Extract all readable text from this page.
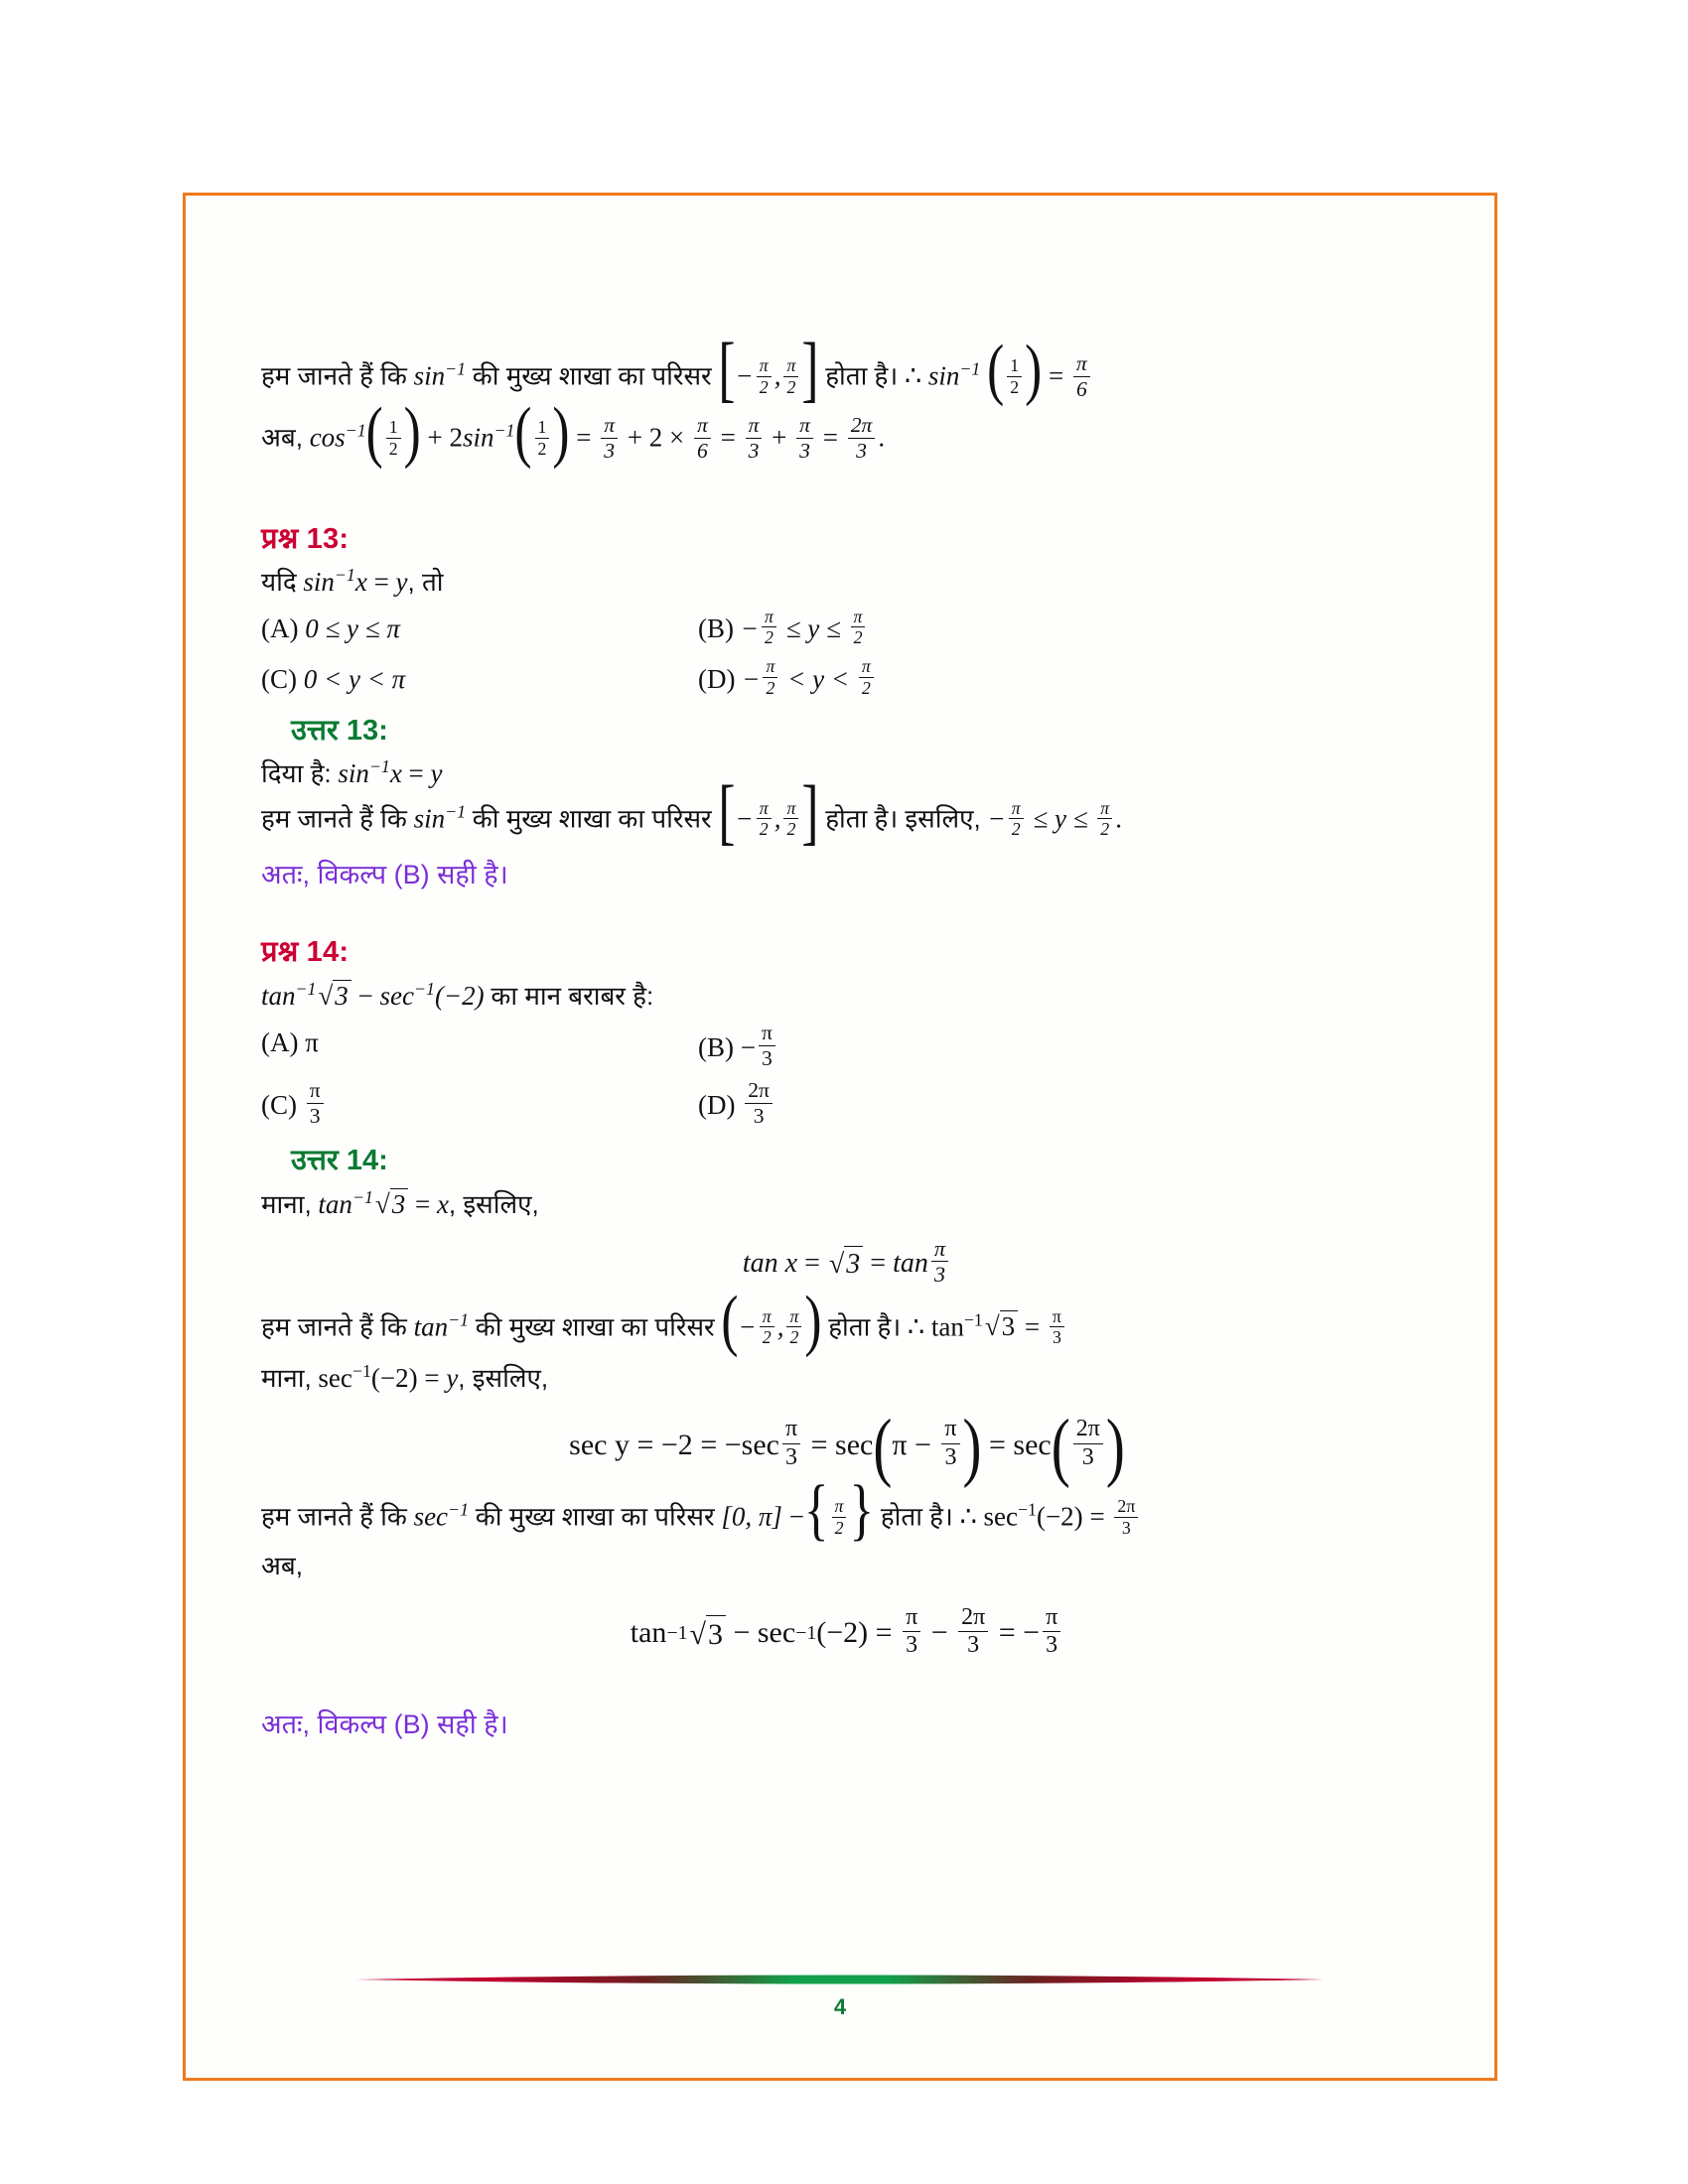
हम जानते हैं कि $\sin^{-1}$ की मुख्य शाखा का परिसर [− $\frac{\pi}{2}$ , $\frac{\pi}{2}$ ] होता है। ∴ $\sin^{-1}$ ( $\frac{1}{2}$ ) = $\frac{\pi}{6}$
अब, $\cos^{-1}( \frac{1}{2}$ ) + $2\sin^{-1}( \frac{1}{2}$ ) = $\frac{\pi}{3} + 2 \times \frac{\pi}{6} = \frac{\pi}{3} + \frac{\pi}{3} = \frac{2\pi}{3}$ .
प्रश्न 13:
यदि $\sin^{-1}x = y$, तो
(A)
0 ≤ y ≤ π	(B)
− $\frac{\pi}{2}$
≤ y ≤
$\frac{\pi}{2}$
(C)
0 < y < π	(D)
− $\frac{\pi}{2}$
< y <
$\frac{\pi}{2}$
उत्तर 13:
दिया है: $\sin^{-1}x = y$
हम जानते हैं कि $\sin^{-1}$ की मुख्य शाखा का परिसर [− $\frac{\pi}{2}$ , $\frac{\pi}{2}$ ] होता है। इसलिए, − $\frac{\pi}{2} \le y \le \frac{\pi}{2}$ .
अतः, विकल्प (B) सही है।
प्रश्न 14:
$\tan^{-1}√3 - \sec^{-1}(-2)$ का मान बराबर है:
(A)
π	(B)
− $\frac{\pi}{3}$
(C)
$\frac{\pi}{3}$	(D)
$\frac{2\pi}{3}$
उत्तर 14:
माना, $\tan^{-1}√3 = x$, इसलिए,
tan x
=
√3
=
$\tan \frac{\pi}{3}$
हम जानते हैं कि $\tan^{-1}$ की मुख्य शाखा का परिसर (− $\frac{\pi}{2}$ , $\frac{\pi}{2}$ ) होता है। ∴ $\tan^{-1}√3 = \frac{\pi}{3}$
माना, $\sec^{-1}(-2) = y$, इसलिए,
sec y
=
−2
=
− $\sec \frac{\pi}{3}$
=
sec ( π
−
$\frac{\pi}{3}$ )
=
sec ( $\frac{2\pi}{3}$ )
हम जानते हैं कि $\sec^{-1}$ की मुख्य शाखा का परिसर [0, π] −{ $\frac{\pi}{2}$ } होता है। ∴ $\sec^{-1}(-2) = \frac{2\pi}{3}$
अब,
tan −1 √3
−
sec −1 (−2)
=
$\frac{\pi}{3}$
−
$\frac{2\pi}{3}$
=
− $\frac{\pi}{3}$
अतः, विकल्प (B) सही है।
4
